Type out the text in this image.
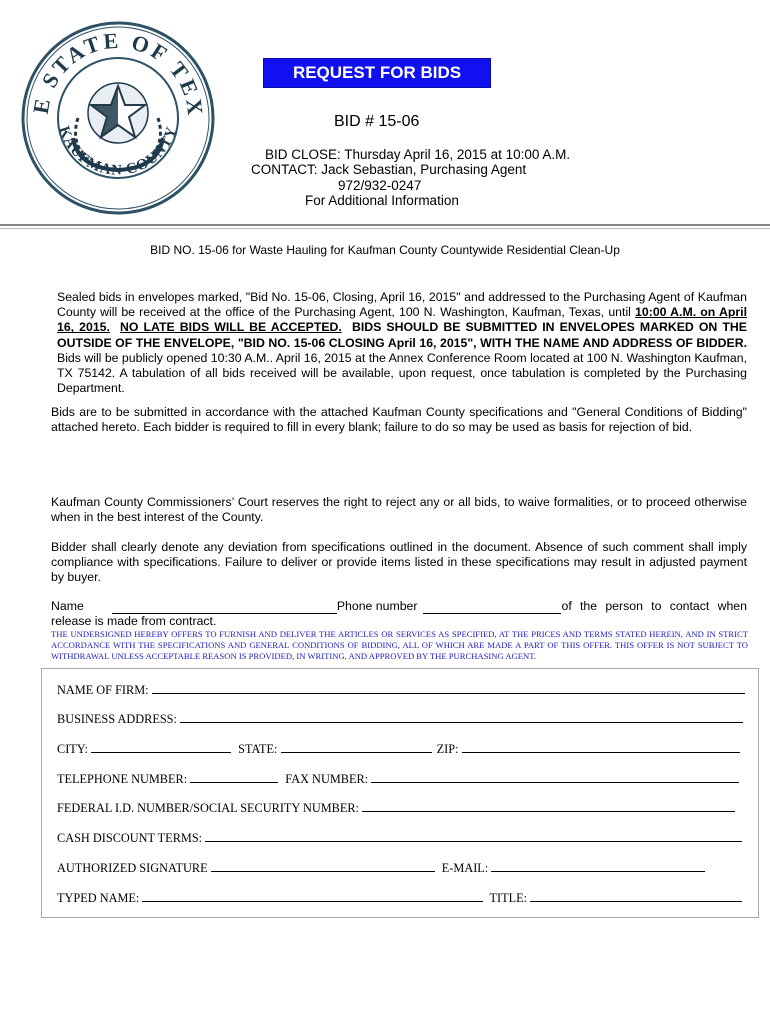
E STATE OF TEX
KAUFMAN COUNTY
REQUEST FOR BIDS
BID # 15-06
BID CLOSE: Thursday April 16, 2015 at 10:00 A.M.
CONTACT: Jack Sebastian, Purchasing Agent
972/932-0247
For Additional Information
BID NO. 15-06 for Waste Hauling for Kaufman County Countywide Residential Clean-Up
Sealed bids in envelopes marked, "Bid No. 15-06, Closing, April 16, 2015" and addressed to the Purchasing Agent of Kaufman County will be received at the office of the Purchasing Agent, 100 N. Washington, Kaufman, Texas, until 10:00 A.M. on April 16, 2015. NO LATE BIDS WILL BE ACCEPTED. BIDS SHOULD BE SUBMITTED IN ENVELOPES MARKED ON THE OUTSIDE OF THE ENVELOPE, "BID NO. 15-06 CLOSING April 16, 2015", WITH THE NAME AND ADDRESS OF BIDDER. Bids will be publicly opened 10:30 A.M.. April 16, 2015 at the Annex Conference Room located at 100 N. Washington Kaufman, TX 75142. A tabulation of all bids received will be available, upon request, once tabulation is completed by the Purchasing Department.
Bids are to be submitted in accordance with the attached Kaufman County specifications and "General Conditions of Bidding" attached hereto. Each bidder is required to fill in every blank; failure to do so may be used as basis for rejection of bid.
Kaufman County Commissioners’ Court reserves the right to reject any or all bids, to waive formalities, or to proceed otherwise when in the best interest of the County.
Bidder shall clearly denote any deviation from specifications outlined in the document. Absence of such comment shall imply compliance with specifications. Failure to deliver or provide items listed in these specifications may result in adjusted payment by buyer.
Name	Phone number	of the person to contact when
release is made from contract.
THE UNDERSIGNED HEREBY OFFERS TO FURNISH AND DELIVER THE ARTICLES OR SERVICES AS SPECIFIED, AT THE PRICES AND TERMS STATED HEREIN, AND IN STRICT ACCORDANCE WITH THE SPECIFICATIONS AND GENERAL CONDITIONS OF BIDDING, ALL OF WHICH ARE MADE A PART OF THIS OFFER. THIS OFFER IS NOT SUBJECT TO WITHDRAWAL UNLESS ACCEPTABLE REASON IS PROVIDED, IN WRITING, AND APPROVED BY THE PURCHASING AGENT.
NAME OF FIRM:
BUSINESS ADDRESS:
CITY:	STATE:	ZIP:
TELEPHONE NUMBER:	FAX NUMBER:
FEDERAL I.D. NUMBER/SOCIAL SECURITY NUMBER:
CASH DISCOUNT TERMS:
AUTHORIZED SIGNATURE	E-MAIL:
TYPED NAME:	TITLE:
